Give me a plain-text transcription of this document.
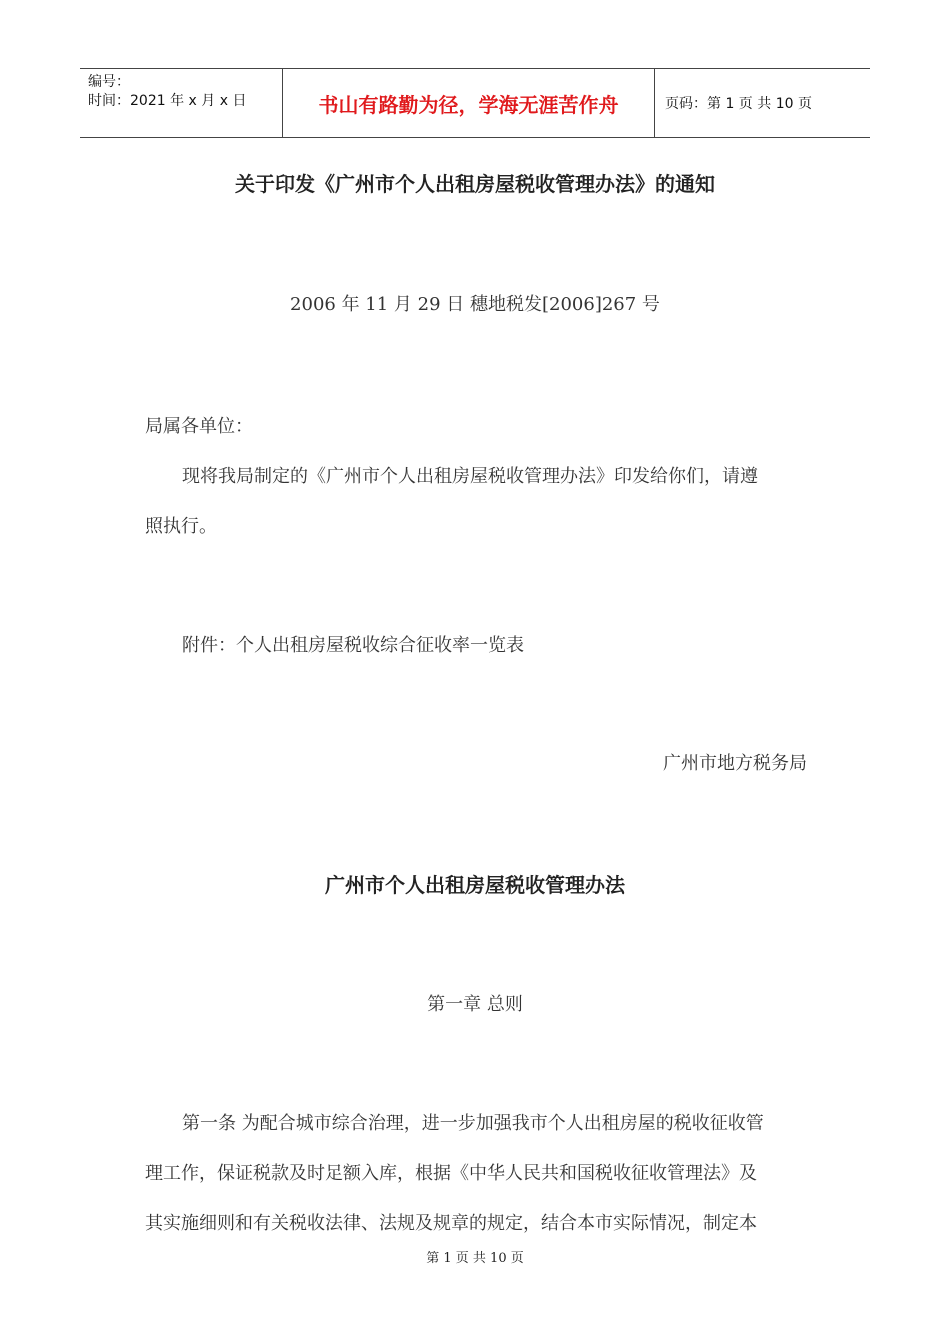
编号：
时间：2021 年 x 月 x 日	书山有路勤为径，学海无涯苦作舟	页码：第 1 页 共 10 页
关于印发《广州市个人出租房屋税收管理办法》的通知
2006 年 11 月 29 日 穗地税发[2006]267 号
局属各单位：
现将我局制定的《广州市个人出租房屋税收管理办法》印发给你们，请遵
照执行。
附件：个人出租房屋税收综合征收率一览表
广州市地方税务局
广州市个人出租房屋税收管理办法
第一章 总则
第一条 为配合城市综合治理，进一步加强我市个人出租房屋的税收征收管
理工作，保证税款及时足额入库，根据《中华人民共和国税收征收管理法》及
其实施细则和有关税收法律、法规及规章的规定，结合本市实际情况，制定本
第 1 页 共 10 页
